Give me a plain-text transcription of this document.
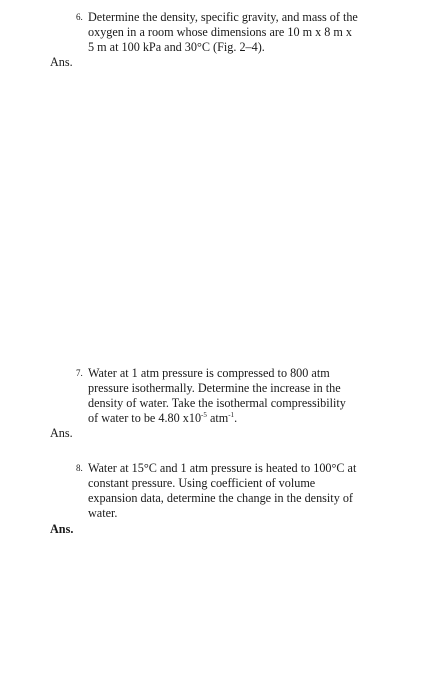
6. Determine the density, specific gravity, and mass of the
oxygen in a room whose dimensions are 10 m x 8 m x
5 m at 100 kPa and 30°C (Fig. 2–4).
Ans.
7. Water at 1 atm pressure is compressed to 800 atm
pressure isothermally. Determine the increase in the
density of water. Take the isothermal compressibility
of water to be 4.80 $x10^{-5}$ atm$^{-1}$.
Ans.
8. Water at 15°C and 1 atm pressure is heated to 100°C at
constant pressure. Using coefficient of volume
expansion data, determine the change in the density of
water.
Ans.
